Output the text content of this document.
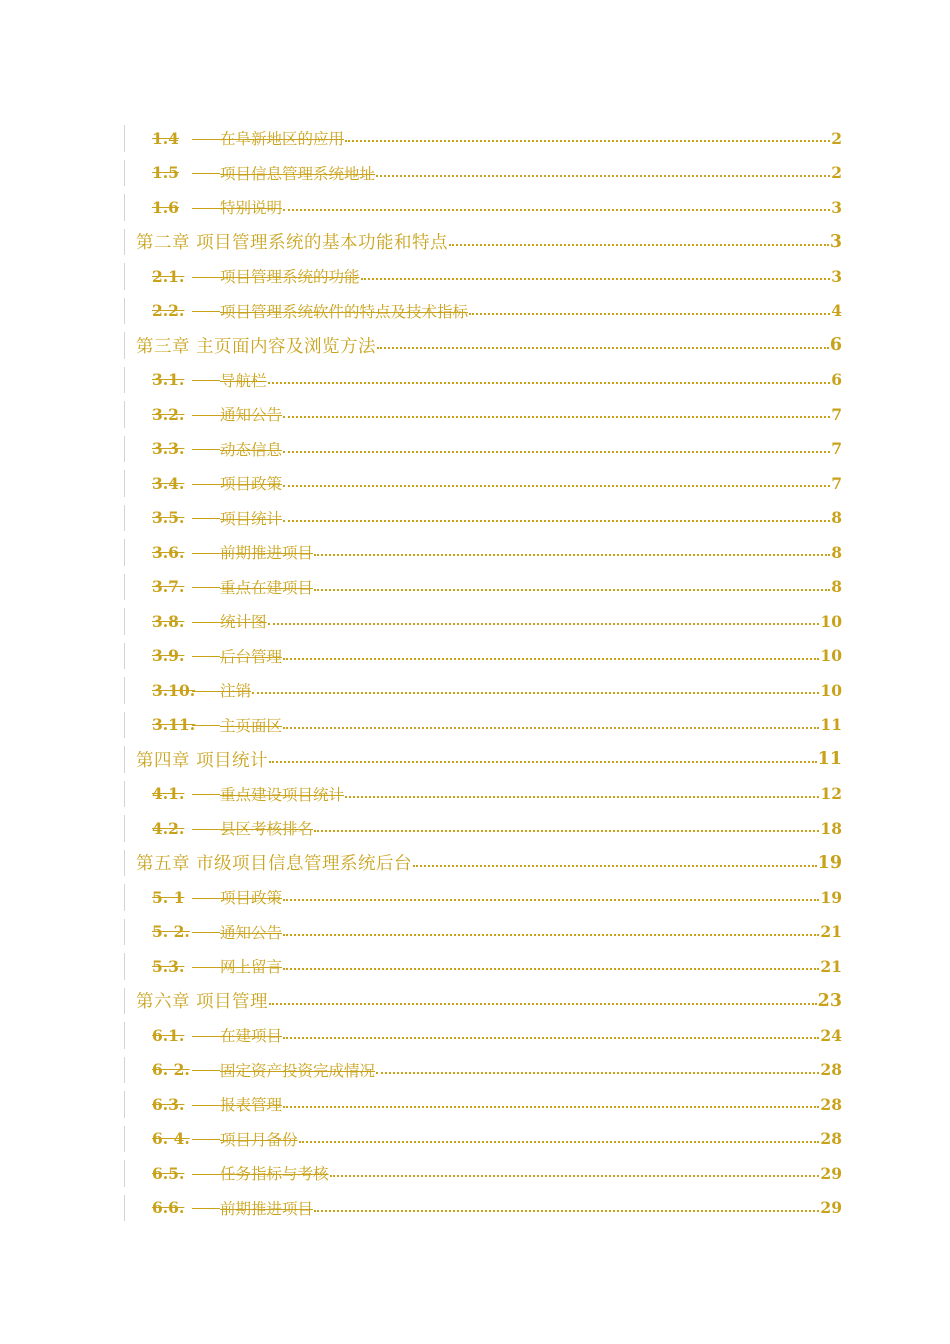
1.4	在阜新地区的应用	2
1.5	项目信息管理系统地址	2
1.6	特别说明	3
第二章 项目管理系统的基本功能和特点	3
2.1.	项目管理系统的功能	3
2.2.	项目管理系统软件的特点及技术指标	4
第三章 主页面内容及浏览方法	6
3.1.	导航栏	6
3.2.	通知公告	7
3.3.	动态信息	7
3.4.	项目政策	7
3.5.	项目统计	8
3.6.	前期推进项目	8
3.7.	重点在建项目	8
3.8.	统计图	10
3.9.	后台管理	10
3.10. 注销	10
3.11. 主页面区	11
第四章 项目统计	11
4.1.	重点建设项目统计	12
4.2.	县区考核排名	18
第五章 市级项目信息管理系统后台	19
5. 1	项目政策	19
5. 2. 通知公告	21
5.3.	网上留言	21
第六章 项目管理	23
6.1.	在建项目	24
6. 2. 固定资产投资完成情况	28
6.3.	报表管理	28
6. 4. 项目月备份	28
6.5.	任务指标与考核	29
6.6.	前期推进项目	29
